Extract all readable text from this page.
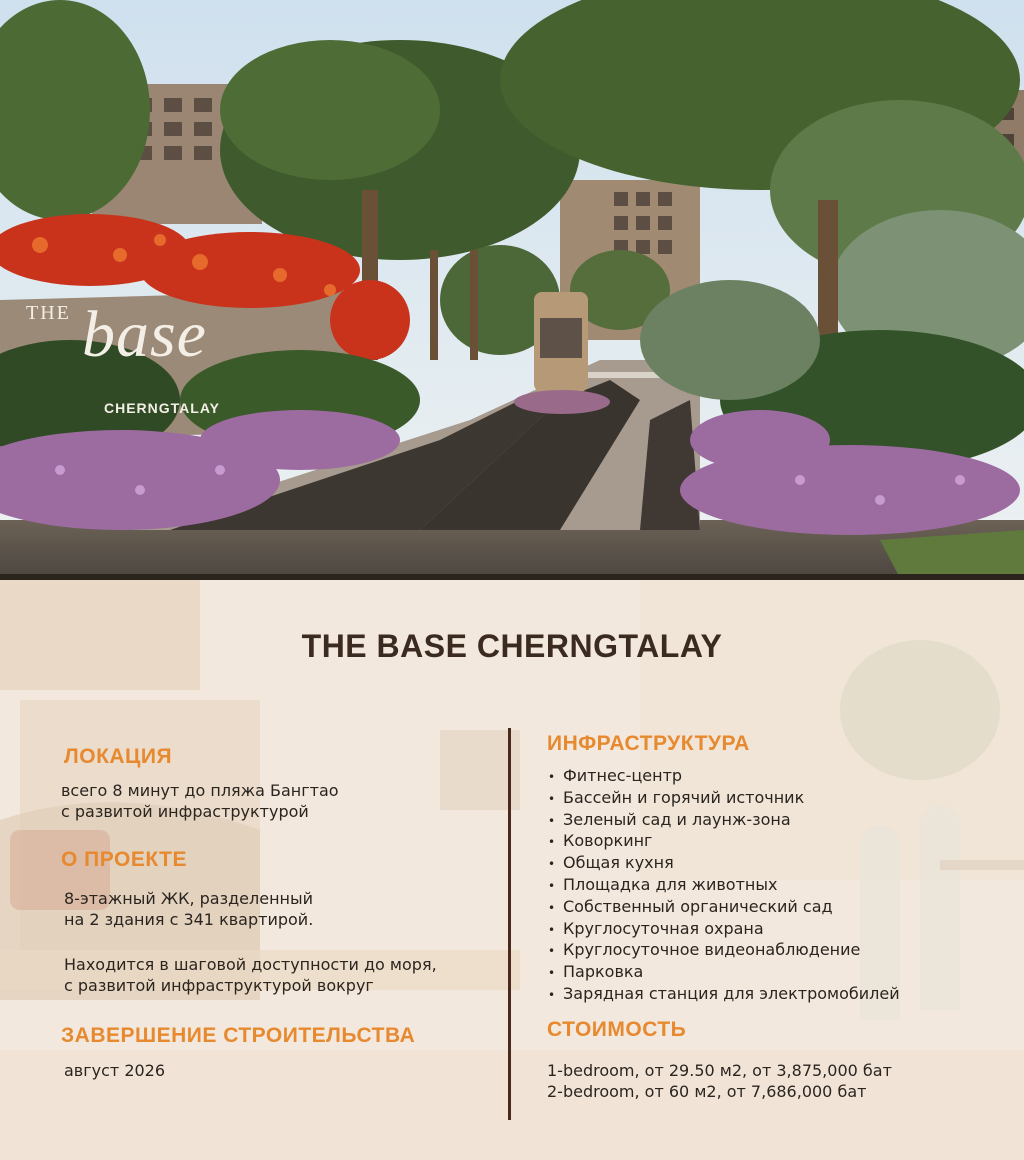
THE base
CHERNGTALAY
THE BASE CHERNGTALAY
ЛОКАЦИЯ
всего 8 минут до пляжа Бангтао
с развитой инфраструктурой
О ПРОЕКТЕ
8-этажный ЖК, разделенный
на 2 здания с 341 квартирой.
Находится в шаговой доступности до моря,
с развитой инфраструктурой вокруг
ЗАВЕРШЕНИЕ СТРОИТЕЛЬСТВА
август 2026
ИНФРАСТРУКТУРА
• Фитнес-центр
• Бассейн и горячий источник
• Зеленый сад и лаунж-зона
• Коворкинг
• Общая кухня
• Площадка для животных
• Собственный органический сад
• Круглосуточная охрана
• Круглосуточное видеонаблюдение
• Парковка
• Зарядная станция для электромобилей
СТОИМОСТЬ
1-bedroom, от 29.50 м2, от 3,875,000 бат
2-bedroom, от 60 м2, от 7,686,000 бат
